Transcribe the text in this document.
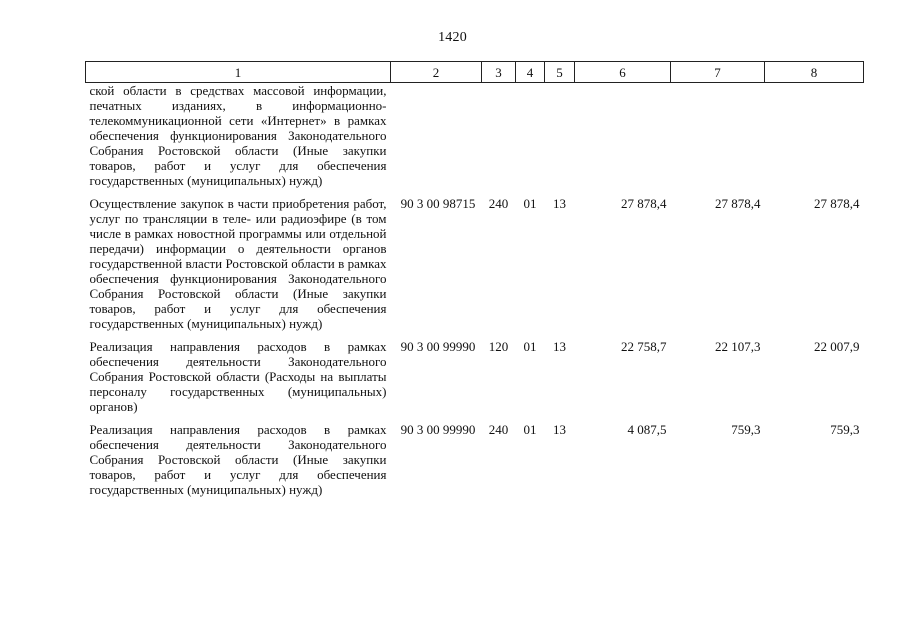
1420
1	2	3	4	5	6	7	8
ской области в средствах массовой информации, печатных изданиях, в информационно-телекоммуникационной сети «Интернет» в рамках обеспечения функционирования Законодательного Собрания Ростовской области (Иные закупки товаров, работ и услуг для обеспечения государственных (муниципальных) нужд)							
Осуществление закупок в части приобретения работ, услуг по трансляции в теле- или радиоэфире (в том числе в рамках новостной программы или отдельной передачи) информации о деятельности органов государственной власти Ростовской области в рамках обеспечения функционирования Законодательного Собрания Ростовской области (Иные закупки товаров, работ и услуг для обеспечения государственных (муниципальных) нужд)	90 3 00 98715	240	01	13	27 878,4	27 878,4	27 878,4
Реализация направления расходов в рамках обеспечения деятельности Законодательного Собрания Ростовской области (Расходы на выплаты персоналу государственных (муниципальных) органов)	90 3 00 99990	120	01	13	22 758,7	22 107,3	22 007,9
Реализация направления расходов в рамках обеспечения деятельности Законодательного Собрания Ростовской области (Иные закупки товаров, работ и услуг для обеспечения государственных (муниципальных) нужд)	90 3 00 99990	240	01	13	4 087,5	759,3	759,3
